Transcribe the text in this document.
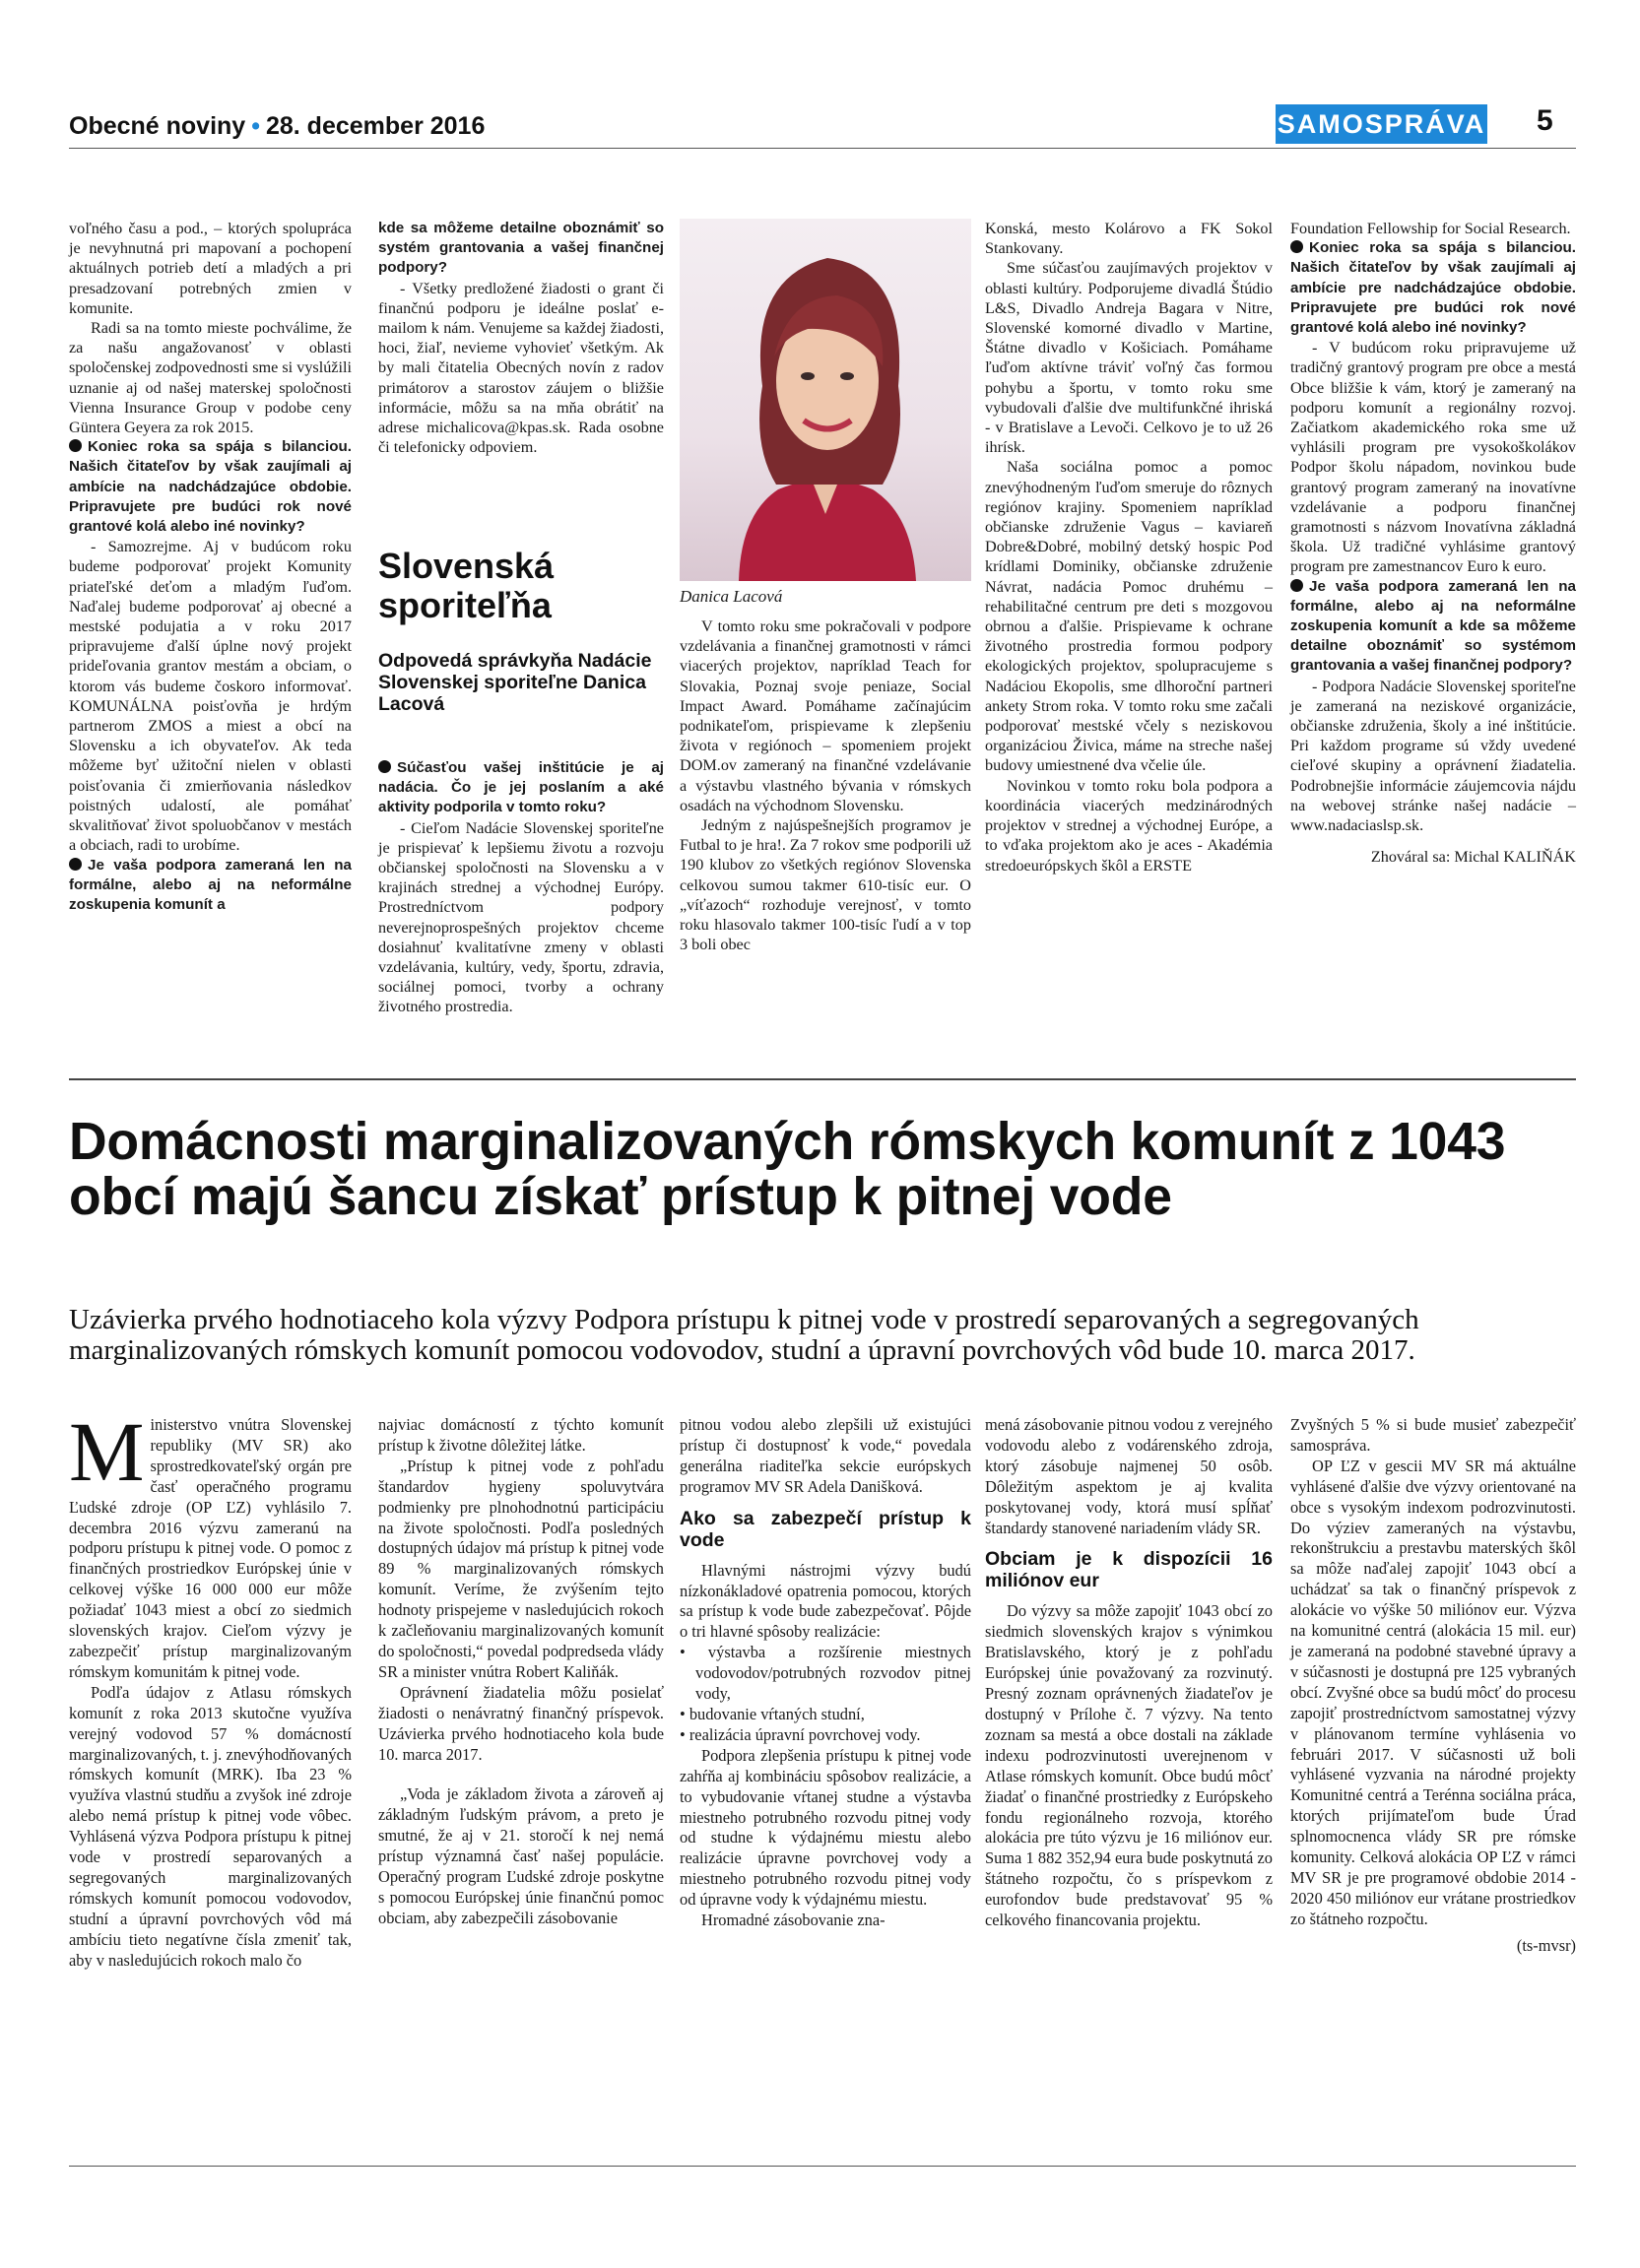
Obecné noviny • 28. december 2016	SAMOSPRÁVA 5

voľného času a pod., – ktorých spolupráca je nevyhnutná pri mapovaní a pochopení aktuálnych potrieb detí a mladých a pri presadzovaní potrebných zmien v komunite.

Radi sa na tomto mieste pochválime, že za našu angažovanosť v oblasti spoločenskej zodpovednosti sme si vyslúžili uznanie aj od našej materskej spoločnosti Vienna Insurance Group v podobe ceny Güntera Geyera za rok 2015.

Koniec roka sa spája s bilanciou. Našich čitateľov by však zaujímali aj ambície na nadchádzajúce obdobie. Pripravujete pre budúci rok nové grantové kolá alebo iné novinky?

- Samozrejme. Aj v budúcom roku budeme podporovať projekt Komunity priateľské deťom a mladým ľuďom. Naďalej budeme podporovať aj obecné a mestské podujatia a v roku 2017 pripravujeme ďalší úplne nový projekt prideľovania grantov mestám a obciam, o ktorom vás budeme čoskoro informovať. KOMUNÁLNA poisťovňa je hrdým partnerom ZMOS a miest a obcí na Slovensku a ich obyvateľov. Ak teda môžeme byť užitoční nielen v oblasti poisťovania či zmierňovania následkov poistných udalostí, ale pomáhať skvalitňovať život spoluobčanov v mestách a obciach, radi to urobíme.

Je vaša podpora zameraná len na formálne, alebo aj na neformálne zoskupenia komunít a

kde sa môžeme detailne oboznámiť so systém grantovania a vašej finančnej podpory?

- Všetky predložené žiadosti o grant či finančnú podporu je ideálne poslať e-mailom k nám. Venujeme sa každej žiadosti, hoci, žiaľ, nevieme vyhovieť všetkým. Ak by mali čitatelia Obecných novín z radov primátorov a starostov záujem o bližšie informácie, môžu sa na mňa obrátiť na adrese michalicova@kpas.sk. Rada osobne či telefonicky odpoviem.

Slovenská sporiteľňa
Odpovedá správkyňa Nadácie Slovenskej sporiteľne Danica Lacová

Súčasťou vašej inštitúcie je aj nadácia. Čo je jej poslaním a aké aktivity podporila v tomto roku?

- Cieľom Nadácie Slovenskej sporiteľne je prispievať k lepšiemu životu a rozvoju občianskej spoločnosti na Slovensku a v krajinách strednej a východnej Európy. Prostredníctvom podpory neverejnoprospešných projektov chceme dosiahnuť kvalitatívne zmeny v oblasti vzdelávania, kultúry, vedy, športu, zdravia, sociálnej pomoci, tvorby a ochrany životného prostredia.

Danica Lacová

V tomto roku sme pokračovali v podpore vzdelávania a finančnej gramotnosti v rámci viacerých projektov, napríklad Teach for Slovakia, Poznaj svoje peniaze, Social Impact Award. Pomáhame začínajúcim podnikateľom, prispievame k zlepšeniu života v regiónoch – spomeniem projekt DOM.ov zameraný na finančné vzdelávanie a výstavbu vlastného bývania v rómskych osadách na východnom Slovensku.

Jedným z najúspešnejších programov je Futbal to je hra!. Za 7 rokov sme podporili už 190 klubov zo všetkých regiónov Slovenska celkovou sumou takmer 610-tisíc eur. O „víťazoch“ rozhoduje verejnosť, v tomto roku hlasovalo takmer 100-tisíc ľudí a v top 3 boli obec

Konská, mesto Kolárovo a FK Sokol Stankovany.

Sme súčasťou zaujímavých projektov v oblasti kultúry. Podporujeme divadlá Štúdio L&S, Divadlo Andreja Bagara v Nitre, Slovenské komorné divadlo v Martine, Štátne divadlo v Košiciach. Pomáhame ľuďom aktívne tráviť voľný čas formou pohybu a športu, v tomto roku sme vybudovali ďalšie dve multifunkčné ihriská - v Bratislave a Levoči. Celkovo je to už 26 ihrísk.

Naša sociálna pomoc a pomoc znevýhodneným ľuďom smeruje do rôznych regiónov krajiny. Spomeniem napríklad občianske združenie Vagus – kaviareň Dobre&Dobré, mobilný detský hospic Pod krídlami Dominiky, občianske združenie Návrat, nadácia Pomoc druhému – rehabilitačné centrum pre deti s mozgovou obrnou a ďalšie. Prispievame k ochrane životného prostredia formou podpory ekologických projektov, spolupracujeme s Nadáciou Ekopolis, sme dlhoroční partneri ankety Strom roka. V tomto roku sme začali podporovať mestské včely s neziskovou organizáciou Živica, máme na streche našej budovy umiestnené dva včelie úle.

Novinkou v tomto roku bola podpora a koordinácia viacerých medzinárodných projektov v strednej a východnej Európe, a to vďaka projektom ako je aces - Akadémia stredoeurópskych škôl a ERSTE

Foundation Fellowship for Social Research.

Koniec roka sa spája s bilanciou. Našich čitateľov by však zaujímali aj ambície pre nadchádzajúce obdobie. Pripravujete pre budúci rok nové grantové kolá alebo iné novinky?

- V budúcom roku pripravujeme už tradičný grantový program pre obce a mestá Obce bližšie k vám, ktorý je zameraný na podporu komunít a regionálny rozvoj. Začiatkom akademického roka sme už vyhlásili program pre vysokoškolákov Podpor školu nápadom, novinkou bude grantový program zameraný na inovatívne vzdelávanie a podporu finančnej gramotnosti s názvom Inovatívna základná škola. Už tradičné vyhlásime grantový program pre zamestnancov Euro k euro.

Je vaša podpora zameraná len na formálne, alebo aj na neformálne zoskupenia komunít a kde sa môžeme detailne oboznámiť so systémom grantovania a vašej finančnej podpory?

- Podpora Nadácie Slovenskej sporiteľne je zameraná na neziskové organizácie, občianske združenia, školy a iné inštitúcie. Pri každom programe sú vždy uvedené cieľové skupiny a oprávnení žiadatelia. Podrobnejšie informácie záujemcovia nájdu na webovej stránke našej nadácie – www.nadaciaslsp.sk.

Zhováral sa: Michal KALIŇÁK

Domácnosti marginalizovaných rómskych komunít z 1043 obcí majú šancu získať prístup k pitnej vode
Uzávierka prvého hodnotiaceho kola výzvy Podpora prístupu k pitnej vode v prostredí separovaných a segregovaných marginalizovaných rómskych komunít pomocou vodovodov, studní a úpravní povrchových vôd bude 10. marca 2017.

Ministerstvo vnútra Slovenskej republiky (MV SR) ako sprostredkovateľský orgán pre časť operačného programu Ľudské zdroje (OP ĽZ) vyhlásilo 7. decembra 2016 výzvu zameranú na podporu prístupu k pitnej vode. O pomoc z finančných prostriedkov Európskej únie v celkovej výške 16 000 000 eur môže požiadať 1043 miest a obcí zo siedmich slovenských krajov. Cieľom výzvy je zabezpečiť prístup marginalizovaným rómskym komunitám k pitnej vode.

Podľa údajov z Atlasu rómskych komunít z roka 2013 skutočne využíva verejný vodovod 57 % domácností marginalizovaných, t. j. znevýhodňovaných rómskych komunít (MRK). Iba 23 % využíva vlastnú studňu a zvyšok iné zdroje alebo nemá prístup k pitnej vode vôbec. Vyhlásená výzva Podpora prístupu k pitnej vode v prostredí separovaných a segregovaných marginalizovaných rómskych komunít pomocou vodovodov, studní a úpravní povrchových vôd má ambíciu tieto negatívne čísla zmeniť tak, aby v nasledujúcich rokoch malo čo

najviac domácností z týchto komunít prístup k životne dôležitej látke.

„Prístup k pitnej vode z pohľadu štandardov hygieny spoluvytvára podmienky pre plnohodnotnú participáciu na živote spoločnosti. Podľa posledných dostupných údajov má prístup k pitnej vode 89 % marginalizovaných rómskych komunít. Veríme, že zvýšením tejto hodnoty prispejeme v nasledujúcich rokoch k začleňovaniu marginalizovaných komunít do spoločnosti,“ povedal podpredseda vlády SR a minister vnútra Robert Kaliňák.

Oprávnení žiadatelia môžu posielať žiadosti o nenávratný finančný príspevok. Uzávierka prvého hodnotiaceho kola bude 10. marca 2017.

„Voda je základom života a zároveň aj základným ľudským právom, a preto je smutné, že aj v 21. storočí k nej nemá prístup významná časť našej populácie. Operačný program Ľudské zdroje poskytne s pomocou Európskej únie finančnú pomoc obciam, aby zabezpečili zásobovanie

pitnou vodou alebo zlepšili už existujúci prístup či dostupnosť k vode,“ povedala generálna riaditeľka sekcie európskych programov MV SR Adela Danišková.

Ako sa zabezpečí prístup k vode

Hlavnými nástrojmi výzvy budú nízkonákladové opatrenia pomocou, ktorých sa prístup k vode bude zabezpečovať. Pôjde o tri hlavné spôsoby realizácie:

• výstavba a rozšírenie miestnych vodovodov/potrubných rozvodov pitnej vody,
• budovanie vŕtaných studní,
• realizácia úpravní povrchovej vody.

Podpora zlepšenia prístupu k pitnej vode zahŕňa aj kombináciu spôsobov realizácie, a to vybudovanie vŕtanej studne a výstavba miestneho potrubného rozvodu pitnej vody od studne k výdajnému miestu alebo realizácie úpravne povrchovej vody a miestneho potrubného rozvodu pitnej vody od úpravne vody k výdajnému miestu.

Hromadné zásobovanie zna-

mená zásobovanie pitnou vodou z verejného vodovodu alebo z vodárenského zdroja, ktorý zásobuje najmenej 50 osôb. Dôležitým aspektom je aj kvalita poskytovanej vody, ktorá musí spĺňať štandardy stanovené nariadením vlády SR.

Obciam je k dispozícii 16 miliónov eur

Do výzvy sa môže zapojiť 1043 obcí zo siedmich slovenských krajov s výnimkou Bratislavského, ktorý je z pohľadu Európskej únie považovaný za rozvinutý. Presný zoznam oprávnených žiadateľov je dostupný v Prílohe č. 7 výzvy. Na tento zoznam sa mestá a obce dostali na základe indexu podrozvinutosti uverejnenom v Atlase rómskych komunít. Obce budú môcť žiadať o finančné prostriedky z Európskeho fondu regionálneho rozvoja, ktorého alokácia pre túto výzvu je 16 miliónov eur. Suma 1 882 352,94 eura bude poskytnutá zo štátneho rozpočtu, čo s príspevkom z eurofondov bude predstavovať 95 % celkového financovania projektu.

Zvyšných 5 % si bude musieť zabezpečiť samospráva.

OP ĽZ v gescii MV SR má aktuálne vyhlásené ďalšie dve výzvy orientované na obce s vysokým indexom podrozvinutosti. Do výziev zameraných na výstavbu, rekonštrukciu a prestavbu materských škôl sa môže naďalej zapojiť 1043 obcí a uchádzať sa tak o finančný príspevok z alokácie vo výške 50 miliónov eur. Výzva na komunitné centrá (alokácia 15 mil. eur) je zameraná na podobné stavebné úpravy a v súčasnosti je dostupná pre 125 vybraných obcí. Zvyšné obce sa budú môcť do procesu zapojiť prostredníctvom samostatnej výzvy v plánovanom termíne vyhlásenia vo februári 2017. V súčasnosti už boli vyhlásené vyzvania na národné projekty Komunitné centrá a Terénna sociálna práca, ktorých prijímateľom bude Úrad splnomocnenca vlády SR pre rómske komunity. Celková alokácia OP ĽZ v rámci MV SR je pre programové obdobie 2014 - 2020 450 miliónov eur vrátane prostriedkov zo štátneho rozpočtu.

(ts-mvsr)
